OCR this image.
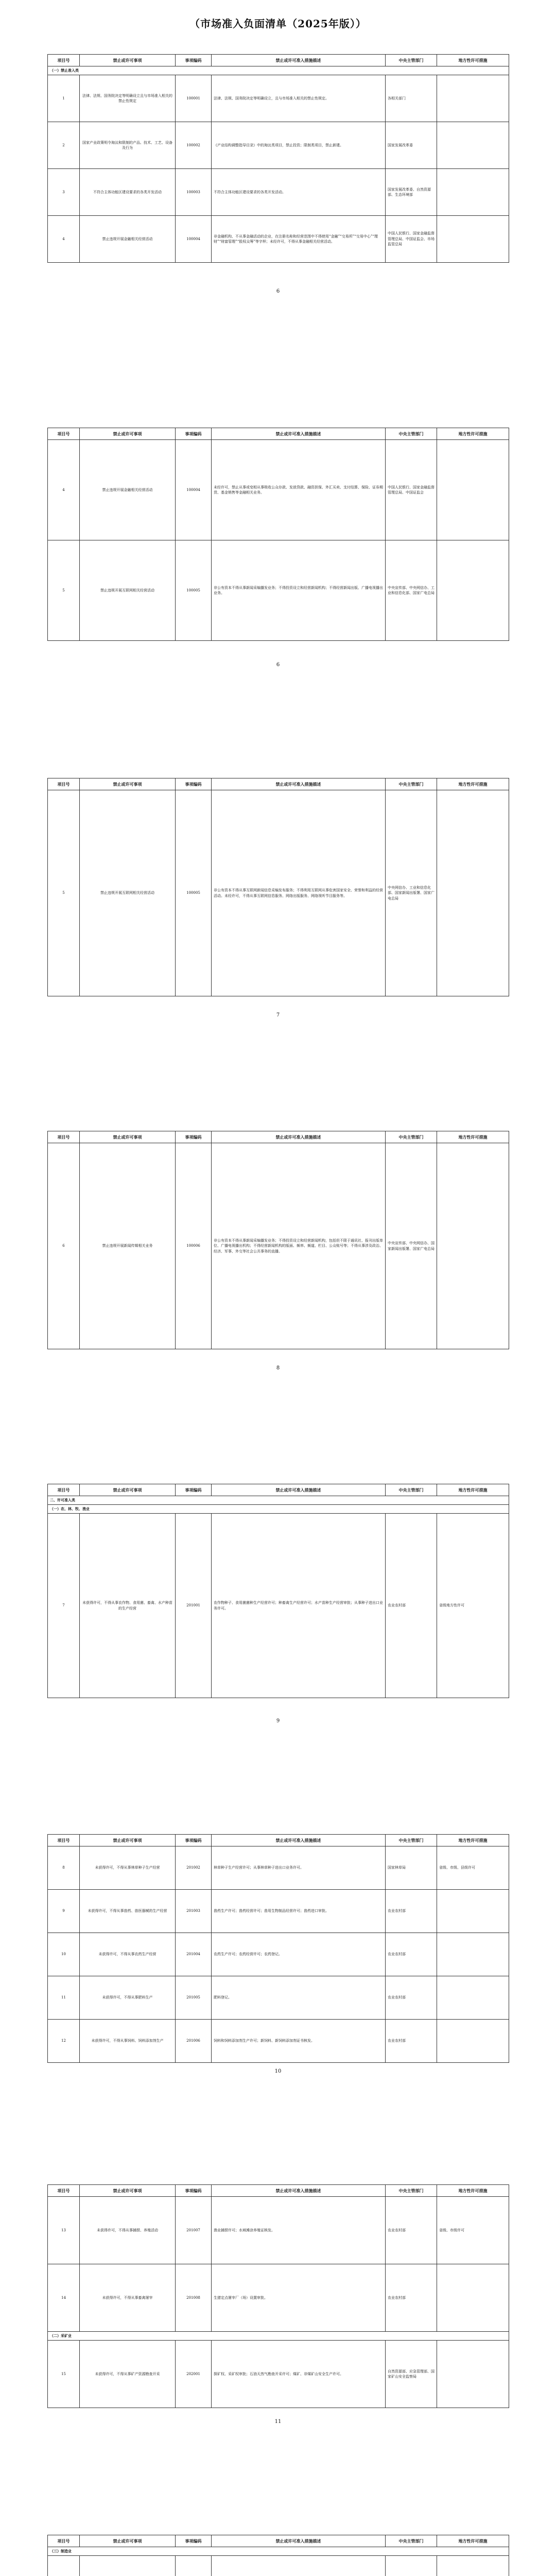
（市场准入负面清单（2025年版））
项目号	禁止或许可事项	事项编码	禁止或许可准入措施描述	中央主管部门	地方性许可措施
（一）禁止准入类					
1	法律、法规、国务院决定等明确设立且与市场准入相关的禁止性规定	100001	法律、法规、国务院决定等明确设立，且与市场准入相关的禁止性规定。	各相关部门	
2	国家产业政策明令淘汰和限制的产品、技术、工艺、设备及行为	100002	《产业结构调整指导目录》中的淘汰类项目，禁止投资；限制类项目，禁止新建。	国家发展改革委	
3	不符合主体功能区建设要求的各类开发活动	100003	不符合主体功能区建设要求的各类开发活动。	国家发展改革委、自然资源部、生态环境部	
4	禁止违规开展金融相关经营活动	100004	非金融机构、不从事金融活动的企业，在注册名称和经营范围中不得使用“金融”“交易所”“交易中心”“理财”“财富管理”“股权众筹”等字样；未经许可，不得从事金融相关经营活动。	中国人民银行、国家金融监督管理总局、中国证监会、市场监管总局	
6
项目号	禁止或许可事项	事项编码	禁止或许可准入措施描述	中央主管部门	地方性许可措施
4	禁止违规开展金融相关经营活动	100004	未经许可，禁止从事或变相从事吸收公众存款、发放贷款、融资担保、外汇买卖、支付结算、保险、证券期货、基金销售等金融相关业务。	中国人民银行、国家金融监督管理总局、中国证监会	
5	禁止违规开展互联网相关经营活动	100005	非公有资本不得从事新闻采编播发业务；不得投资设立和经营新闻机构；不得经营新闻出版、广播电视播出业务。	中央宣传部、中央网信办、工业和信息化部、国家广电总局	
6
项目号	禁止或许可事项	事项编码	禁止或许可准入措施描述	中央主管部门	地方性许可措施
5	禁止违规开展互联网相关经营活动	100005	非公有资本不得从事互联网新闻信息采编发布服务；不得利用互联网从事危害国家安全、荣誉和利益的经营活动。未经许可，不得从事互联网信息服务、网络出版服务、网络视听节目服务等。	中央网信办、工业和信息化部、国家新闻出版署、国家广电总局	
7
项目号	禁止或许可事项	事项编码	禁止或许可准入措施描述	中央主管部门	地方性许可措施
6	禁止违规开展新闻传媒相关业务	100006	非公有资本不得从事新闻采编播发业务；不得投资设立和经营新闻机构，包括但不限于通讯社、报刊出版单位、广播电视播出机构；不得经营新闻机构的版面、频率、频道、栏目、公众账号等；不得从事涉及政治、经济、军事、外交等社会公共事务的直播。	中央宣传部、中央网信办、国家新闻出版署、国家广电总局	
8
项目号	禁止或许可事项	事项编码	禁止或许可准入措施描述	中央主管部门	地方性许可措施
二、许可准入类					
（一）农、林、牧、渔业					
7	未获得许可，不得从事农作物、食用菌、畜禽、水产种苗的生产经营	201001	农作物种子、食用菌菌种生产经营许可；种畜禽生产经营许可；水产苗种生产经营审批；从事种子进出口业务许可。	农业农村部	省级地方性许可
9
项目号	禁止或许可事项	事项编码	禁止或许可准入措施描述	中央主管部门	地方性许可措施
8	未获得许可，不得从事林草种子生产经营	201002	林草种子生产经营许可；从事林草种子进出口业务许可。	国家林草局	省级、市级、县级许可
9	未获得许可，不得从事兽药、兽医器械的生产经营	201003	兽药生产许可；兽药经营许可；兽用生物制品经营许可；兽药进口审批。	农业农村部	
10	未获得许可，不得从事农药生产经营	201004	农药生产许可；农药经营许可；农药登记。	农业农村部	
11	未获得许可，不得从事肥料生产	201005	肥料登记。	农业农村部	
12	未获得许可，不得从事饲料、饲料添加剂生产	201006	饲料和饲料添加剂生产许可；新饲料、新饲料添加剂证书核发。	农业农村部	
10
项目号	禁止或许可事项	事项编码	禁止或许可准入措施描述	中央主管部门	地方性许可措施
13	未获得许可，不得从事捕捞、养殖活动	201007	渔业捕捞许可；水域滩涂养殖证核发。	农业农村部	省级、市级许可
14	未获得许可，不得从事畜禽屠宰	201008	生猪定点屠宰厂（场）设置审批。	农业农村部	
（二）采矿业					
15	未获得许可，不得从事矿产资源勘查开采	202001	探矿权、采矿权审批；石油天然气勘查开采许可；煤矿、非煤矿山安全生产许可。	自然资源部、应急管理部、国家矿山安全监察局	
11
项目号	禁止或许可事项	事项编码	禁止或许可准入措施描述	中央主管部门	地方性许可措施
（三）制造业					
